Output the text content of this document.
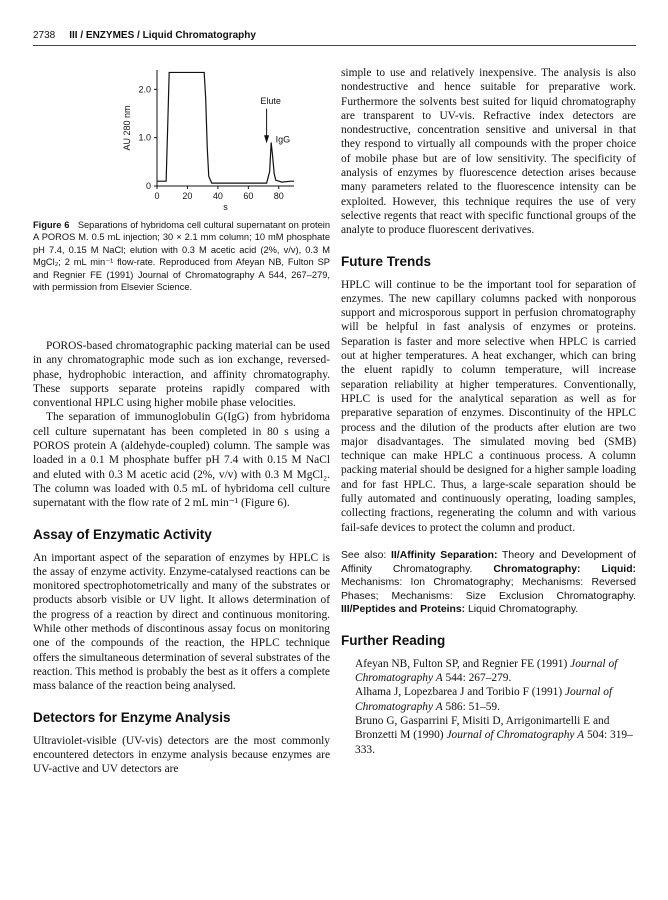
2738 III / ENZYMES / Liquid Chromatography
0	20 40 60 80
0
1.0
2.0
s
AU 280 nm
Elute
IgG
Figure 6 Separations of hybridoma cell cultural supernatant on protein A POROS M. 0.5 mL injection; 30 × 2.1 mm column; 10 mM phosphate pH 7.4, 0.15 M NaCl; elution with 0.3 M acetic acid (2%, v/v), 0.3 M MgCl₂; 2 mL min⁻¹ flow-rate. Reproduced from Afeyan NB, Fulton SP and Regnier FE (1991) Journal of Chromatography A 544, 267–279, with permission from Elsevier Science.

POROS-based chromatographic packing material can be used in any chromatographic mode such as ion exchange, reversed-phase, hydrophobic interaction, and affinity chromatography. These supports separate proteins rapidly compared with conventional HPLC using higher mobile phase velocities.

The separation of immunoglobulin G(IgG) from hybridoma cell culture supernatant has been completed in 80 s using a POROS protein A (aldehyde-coupled) column. The sample was loaded in a 0.1 M phosphate buffer pH 7.4 with 0.15 M NaCl and eluted with 0.3 M acetic acid (2%, v/v) with 0.3 M MgCl₂. The column was loaded with 0.5 mL of hybridoma cell culture supernatant with the flow rate of 2 mL min⁻¹ (Figure 6).

Assay of Enzymatic Activity

An important aspect of the separation of enzymes by HPLC is the assay of enzyme activity. Enzyme-catalysed reactions can be monitored spectrophotometrically and many of the substrates or products absorb visible or UV light. It allows determination of the progress of a reaction by direct and continuous monitoring. While other methods of discontinous assay focus on monitoring one of the compounds of the reaction, the HPLC technique offers the simultaneous determination of several substrates of the reaction. This method is probably the best as it offers a complete mass balance of the reaction being analysed.

Detectors for Enzyme Analysis

Ultraviolet-visible (UV-vis) detectors are the most commonly encountered detectors in enzyme analysis because enzymes are UV-active and UV detectors are

simple to use and relatively inexpensive. The analysis is also nondestructive and hence suitable for preparative work. Furthermore the solvents best suited for liquid chromatography are transparent to UV-vis. Refractive index detectors are nondestructive, concentration sensitive and universal in that they respond to virtually all compounds with the proper choice of mobile phase but are of low sensitivity. The specificity of analysis of enzymes by fluorescence detection arises because many parameters related to the fluorescence intensity can be exploited. However, this technique requires the use of very selective regents that react with specific functional groups of the analyte to produce fluorescent derivatives.

Future Trends

HPLC will continue to be the important tool for separation of enzymes. The new capillary columns packed with nonporous support and microsporous support in perfusion chromatography will be helpful in fast analysis of enzymes or proteins. Separation is faster and more selective when HPLC is carried out at higher temperatures. A heat exchanger, which can bring the eluent rapidly to column temperature, will increase separation reliability at higher temperatures. Conventionally, HPLC is used for the analytical separation as well as for preparative separation of enzymes. Discontinuity of the HPLC process and the dilution of the products after elution are two major disadvantages. The simulated moving bed (SMB) technique can make HPLC a continuous process. A column packing material should be designed for a higher sample loading and for fast HPLC. Thus, a large-scale separation should be fully automated and continuously operating, loading samples, collecting fractions, regenerating the column and with various fail-safe devices to protect the column and product.

See also: II/Affinity Separation: Theory and Development of Affinity Chromatography. Chromatography: Liquid: Mechanisms: Ion Chromatography; Mechanisms: Reversed Phases; Mechanisms: Size Exclusion Chromatography. III/Peptides and Proteins: Liquid Chromatography.
Further Reading

Afeyan NB, Fulton SP, and Regnier FE (1991) Journal of Chromatography A 544: 267–279.

Alhama J, Lopezbarea J and Toribio F (1991) Journal of Chromatography A 586: 51–59.

Bruno G, Gasparrini F, Misiti D, Arrigonimartelli E and Bronzetti M (1990) Journal of Chromatography A 504: 319–333.
